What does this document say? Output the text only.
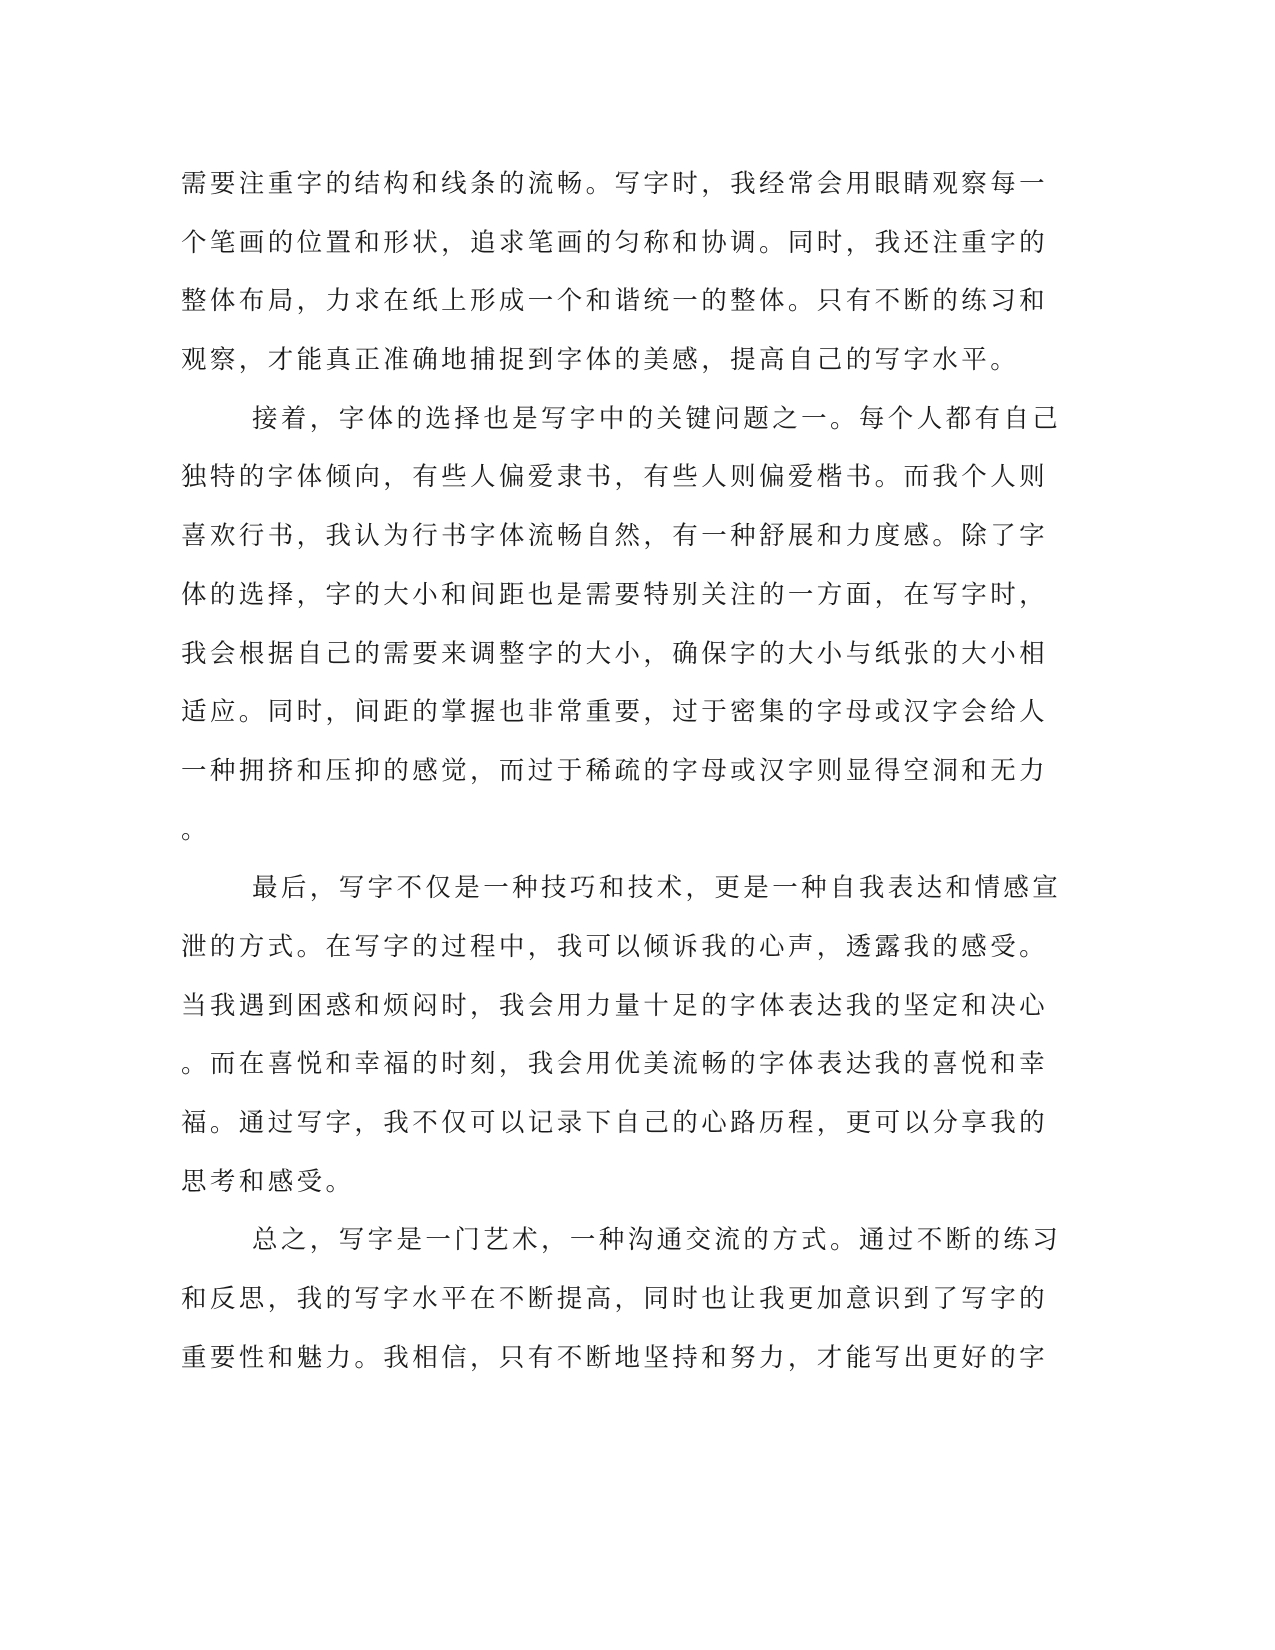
需要注重字的结构和线条的流畅。写字时，我经常会用眼睛观察每一
个笔画的位置和形状，追求笔画的匀称和协调。同时，我还注重字的
整体布局，力求在纸上形成一个和谐统一的整体。只有不断的练习和
观察，才能真正准确地捕捉到字体的美感，提高自己的写字水平。
接着，字体的选择也是写字中的关键问题之一。每个人都有自己
独特的字体倾向，有些人偏爱隶书，有些人则偏爱楷书。而我个人则
喜欢行书，我认为行书字体流畅自然，有一种舒展和力度感。除了字
体的选择，字的大小和间距也是需要特别关注的一方面，在写字时，
我会根据自己的需要来调整字的大小，确保字的大小与纸张的大小相
适应。同时，间距的掌握也非常重要，过于密集的字母或汉字会给人
一种拥挤和压抑的感觉，而过于稀疏的字母或汉字则显得空洞和无力
。
最后，写字不仅是一种技巧和技术，更是一种自我表达和情感宣
泄的方式。在写字的过程中，我可以倾诉我的心声，透露我的感受。
当我遇到困惑和烦闷时，我会用力量十足的字体表达我的坚定和决心
。而在喜悦和幸福的时刻，我会用优美流畅的字体表达我的喜悦和幸
福。通过写字，我不仅可以记录下自己的心路历程，更可以分享我的
思考和感受。
总之，写字是一门艺术，一种沟通交流的方式。通过不断的练习
和反思，我的写字水平在不断提高，同时也让我更加意识到了写字的
重要性和魅力。我相信，只有不断地坚持和努力，才能写出更好的字
